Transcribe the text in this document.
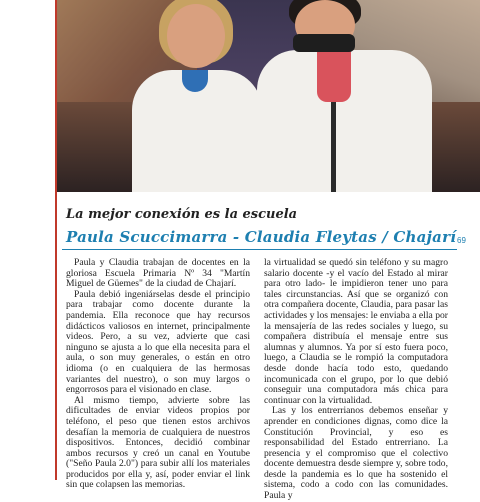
La mejor conexión es la escuela
Paula Scuccimarra - Claudia Fleytas / Chajarí 69

Paula y Claudia trabajan de docentes en la gloriosa Escuela Primaria Nº 34 "Martín Miguel de Güemes" de la ciudad de Chajarí.

Paula debió ingeniárselas desde el principio para trabajar como docente durante la pandemia. Ella reconoce que hay recursos didácticos valiosos en internet, principalmente videos. Pero, a su vez, advierte que casi ninguno se ajusta a lo que ella necesita para el aula, o son muy generales, o están en otro idioma (o en cualquiera de las hermosas variantes del nuestro), o son muy largos o engorrosos para el visionado en clase.

Al mismo tiempo, advierte sobre las dificultades de enviar videos propios por teléfono, el peso que tienen estos archivos desafían la memoria de cualquiera de nuestros dispositivos. Entonces, decidió combinar ambos recursos y creó un canal en Youtube ("Seño Paula 2.0") para subir allí los materiales producidos por ella y, así, poder enviar el link sin que colapsen las memorias.

la virtualidad se quedó sin teléfono y su magro salario docente -y el vacío del Estado al mirar para otro lado- le impidieron tener uno para tales circunstancias. Así que se organizó con otra compañera docente, Claudia, para pasar las actividades y los mensajes: le enviaba a ella por la mensajería de las redes sociales y luego, su compañera distribuía el mensaje entre sus alumnas y alumnos. Ya por sí esto fuera poco, luego, a Claudia se le rompió la computadora desde donde hacía todo esto, quedando incomunicada con el grupo, por lo que debió conseguir una computadora más chica para continuar con la virtualidad.

Las y los entrerrianos debemos enseñar y aprender en condiciones dignas, como dice la Constitución Provincial, y eso es responsabilidad del Estado entrerriano. La presencia y el compromiso que el colectivo docente demuestra desde siempre y, sobre todo, desde la pandemia es lo que ha sostenido el sistema, codo a codo con las comunidades. Paula y
